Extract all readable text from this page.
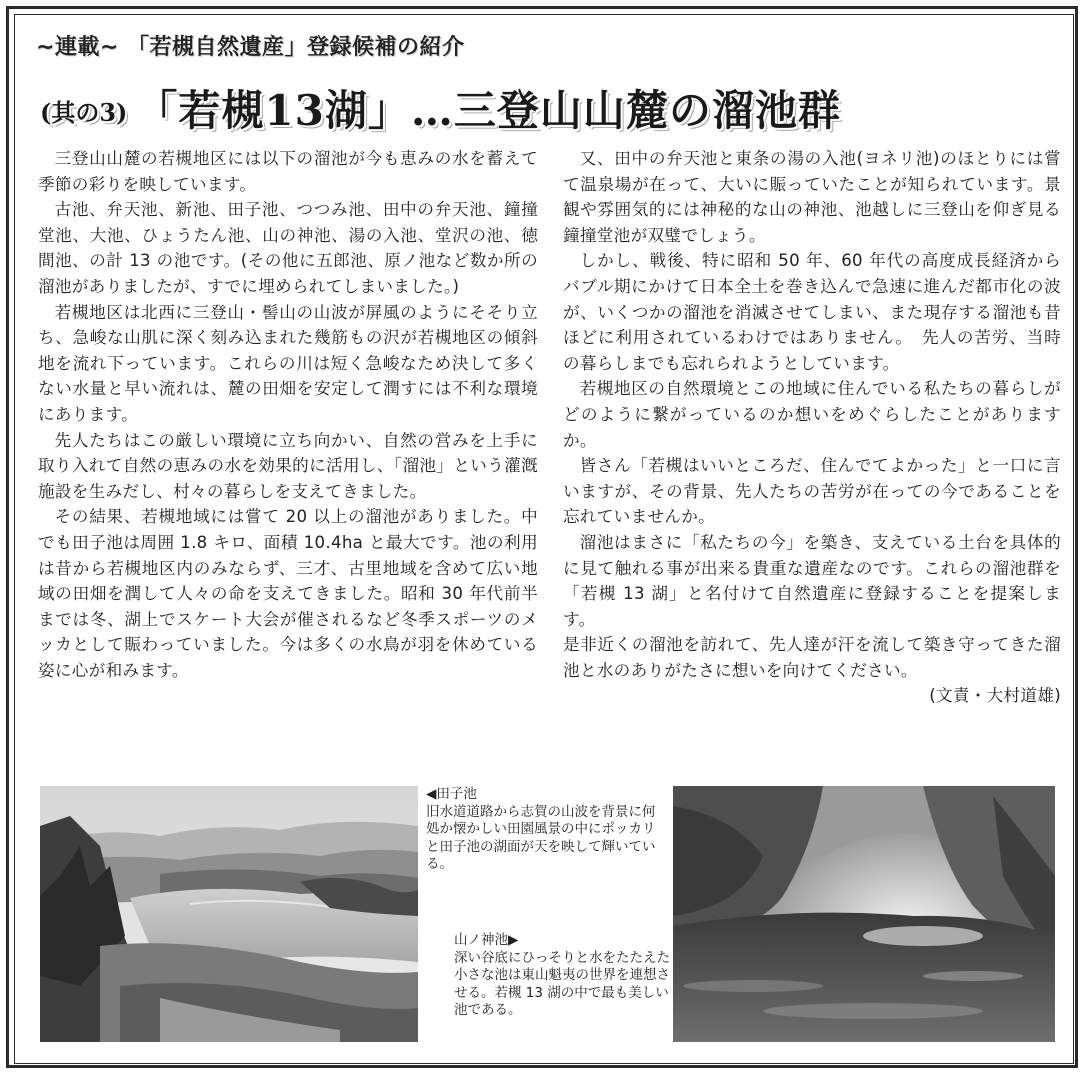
~連載~ 「若槻自然遺産」登録候補の紹介
(其の3) 「若槻13湖」…三登山山麓の溜池群

三登山山麓の若槻地区には以下の溜池が今も恵みの水を蓄えて季節の彩りを映しています。

古池、弁天池、新池、田子池、つつみ池、田中の弁天池、鐘撞堂池、大池、ひょうたん池、山の神池、湯の入池、堂沢の池、徳間池、の計 13 の池です。(その他に五郎池、原ノ池など数か所の溜池がありましたが、すでに埋められてしまいました。)

若槻地区は北西に三登山・髻山の山波が屏風のようにそそり立ち、急峻な山肌に深く刻み込まれた幾筋もの沢が若槻地区の傾斜地を流れ下っています。これらの川は短く急峻なため決して多くない水量と早い流れは、麓の田畑を安定して潤すには不利な環境にあります。

先人たちはこの厳しい環境に立ち向かい、自然の営みを上手に取り入れて自然の恵みの水を効果的に活用し、「溜池」という灌漑施設を生みだし、村々の暮らしを支えてきました。

その結果、若槻地域には嘗て 20 以上の溜池がありました。中でも田子池は周囲 1.8 キロ、面積 10.4ha と最大です。池の利用は昔から若槻地区内のみならず、三才、古里地域を含めて広い地域の田畑を潤して人々の命を支えてきました。昭和 30 年代前半までは冬、湖上でスケート大会が催されるなど冬季スポーツのメッカとして賑わっていました。今は多くの水鳥が羽を休めている姿に心が和みます。

又、田中の弁天池と東条の湯の入池(ヨネリ池)のほとりには嘗て温泉場が在って、大いに賑っていたことが知られています。景観や雰囲気的には神秘的な山の神池、池越しに三登山を仰ぎ見る鐘撞堂池が双璧でしょう。

しかし、戦後、特に昭和 50 年、60 年代の高度成長経済からバブル期にかけて日本全土を巻き込んで急速に進んだ都市化の波が、いくつかの溜池を消滅させてしまい、また現存する溜池も昔ほどに利用されているわけではありません。　先人の苦労、当時の暮らしまでも忘れられようとしています。

若槻地区の自然環境とこの地域に住んでいる私たちの暮らしがどのように繋がっているのか想いをめぐらしたことがありますか。

皆さん「若槻はいいところだ、住んでてよかった」と一口に言いますが、その背景、先人たちの苦労が在っての今であることを忘れていませんか。

溜池はまさに「私たちの今」を築き、支えている土台を具体的に見て触れる事が出来る貴重な遺産なのです。これらの溜池群を「若槻 13 湖」と名付けて自然遺産に登録することを提案します。

是非近くの溜池を訪れて、先人達が汗を流して築き守ってきた溜池と水のありがたさに想いを向けてください。

(文責・大村道雄)

◀田子池
旧水道道路から志賀の山波を背景に何処か懐かしい田園風景の中にポッカリと田子池の湖面が天を映して輝いている。
山ノ神池▶
深い谷底にひっそりと水をたたえた小さな池は東山魁夷の世界を連想させる。若槻 13 湖の中で最も美しい池である。
